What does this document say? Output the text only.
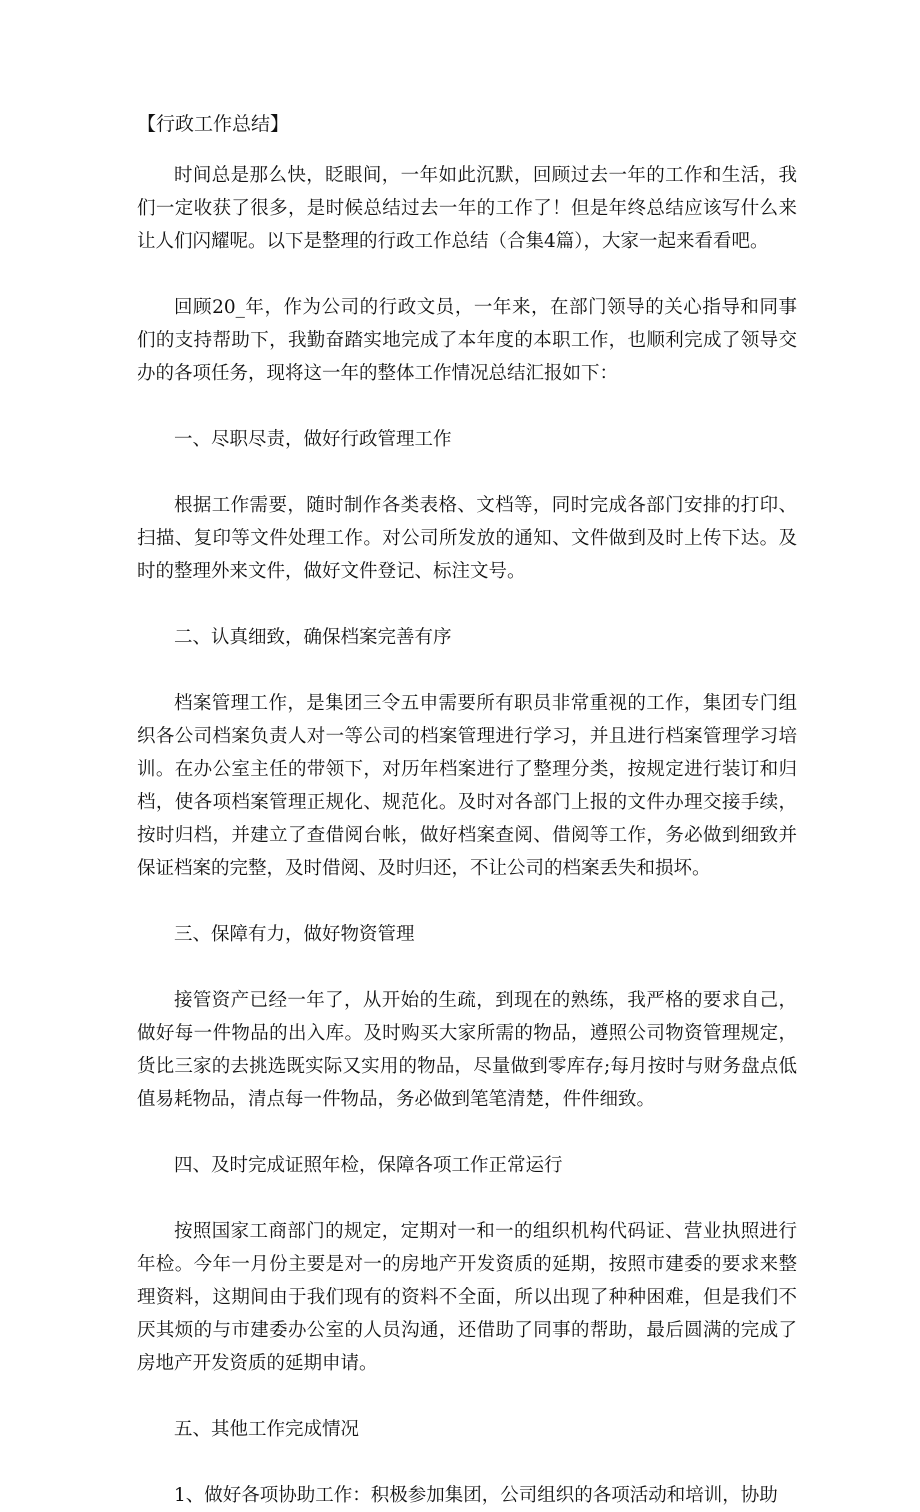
【行政工作总结】

时间总是那么快，眨眼间，一年如此沉默，回顾过去一年的工作和生活，我们一定收获了很多，是时候总结过去一年的工作了！但是年终总结应该写什么来让人们闪耀呢。以下是整理的行政工作总结（合集4篇），大家一起来看看吧。

回顾20_年，作为公司的行政文员，一年来，在部门领导的关心指导和同事们的支持帮助下，我勤奋踏实地完成了本年度的本职工作，也顺利完成了领导交办的各项任务，现将这一年的整体工作情况总结汇报如下：

一、尽职尽责，做好行政管理工作

根据工作需要，随时制作各类表格、文档等，同时完成各部门安排的打印、扫描、复印等文件处理工作。对公司所发放的通知、文件做到及时上传下达。及时的整理外来文件，做好文件登记、标注文号。

二、认真细致，确保档案完善有序

档案管理工作，是集团三令五申需要所有职员非常重视的工作，集团专门组织各公司档案负责人对一等公司的档案管理进行学习，并且进行档案管理学习培训。在办公室主任的带领下，对历年档案进行了整理分类，按规定进行装订和归档，使各项档案管理正规化、规范化。及时对各部门上报的文件办理交接手续，按时归档，并建立了查借阅台帐，做好档案查阅、借阅等工作，务必做到细致并保证档案的完整，及时借阅、及时归还，不让公司的档案丢失和损坏。

三、保障有力，做好物资管理

接管资产已经一年了，从开始的生疏，到现在的熟练，我严格的要求自己，做好每一件物品的出入库。及时购买大家所需的物品，遵照公司物资管理规定，货比三家的去挑选既实际又实用的物品，尽量做到零库存;每月按时与财务盘点低值易耗物品，清点每一件物品，务必做到笔笔清楚，件件细致。

四、及时完成证照年检，保障各项工作正常运行

按照国家工商部门的规定，定期对一和一的组织机构代码证、营业执照进行年检。今年一月份主要是对一的房地产开发资质的延期，按照市建委的要求来整理资料，这期间由于我们现有的资料不全面，所以出现了种种困难，但是我们不厌其烦的与市建委办公室的人员沟通，还借助了同事的帮助，最后圆满的完成了房地产开发资质的延期申请。

五、其他工作完成情况

1、做好各项协助工作：积极参加集团，公司组织的各项活动和培训，协助
